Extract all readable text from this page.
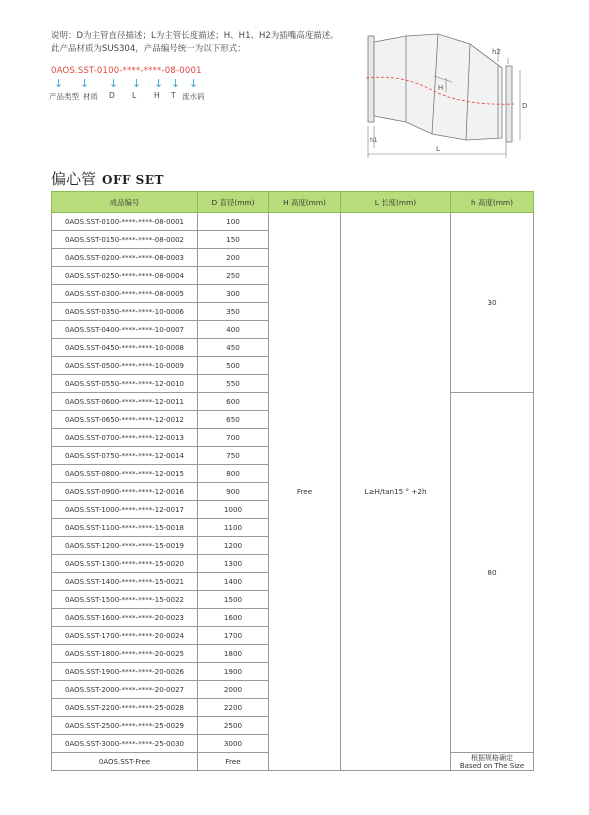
说明：D为主管直径描述；L为主管长度描述；H、H1、H2为插嘴高度描述。
此产品材质为SUS304，产品编号统一为以下形式：
0AOS.SST-0100-****-****-08-0001
↓ ↓ ↓ ↓ ↓ ↓ ↓
产品类型 材质 D L H T 流水码
h2
H
D
h1
L
偏心管 OFF SET
成品编号	D 直径(mm)	H 高度(mm)	L 长度(mm)	h 高度(mm)
0AOS.SST-0100-****-****-08-0001	100	Free	L≥H/tan15 ° +2h	30
0AOS.SST-0150-****-****-08-0002	150			
0AOS.SST-0200-****-****-08-0003	200			
0AOS.SST-0250-****-****-08-0004	250			
0AOS.SST-0300-****-****-08-0005	300			
0AOS.SST-0350-****-****-10-0006	350			
0AOS.SST-0400-****-****-10-0007	400			
0AOS.SST-0450-****-****-10-0008	450			
0AOS.SST-0500-****-****-10-0009	500			
0AOS.SST-0550-****-****-12-0010	550			
0AOS.SST-0600-****-****-12-0011	600			80
0AOS.SST-0650-****-****-12-0012	650			
0AOS.SST-0700-****-****-12-0013	700			
0AOS.SST-0750-****-****-12-0014	750			
0AOS.SST-0800-****-****-12-0015	800			
0AOS.SST-0900-****-****-12-0016	900			
0AOS.SST-1000-****-****-12-0017	1000			
0AOS.SST-1100-****-****-15-0018	1100			
0AOS.SST-1200-****-****-15-0019	1200			
0AOS.SST-1300-****-****-15-0020	1300			
0AOS.SST-1400-****-****-15-0021	1400			
0AOS.SST-1500-****-****-15-0022	1500			
0AOS.SST-1600-****-****-20-0023	1600			
0AOS.SST-1700-****-****-20-0024	1700			
0AOS.SST-1800-****-****-20-0025	1800			
0AOS.SST-1900-****-****-20-0026	1900			
0AOS.SST-2000-****-****-20-0027	2000			
0AOS.SST-2200-****-****-25-0028	2200			
0AOS.SST-2500-****-****-25-0029	2500			
0AOS.SST-3000-****-****-25-0030	3000			
0AOS.SST-Free	Free			根据规格确定
Based on The Size
